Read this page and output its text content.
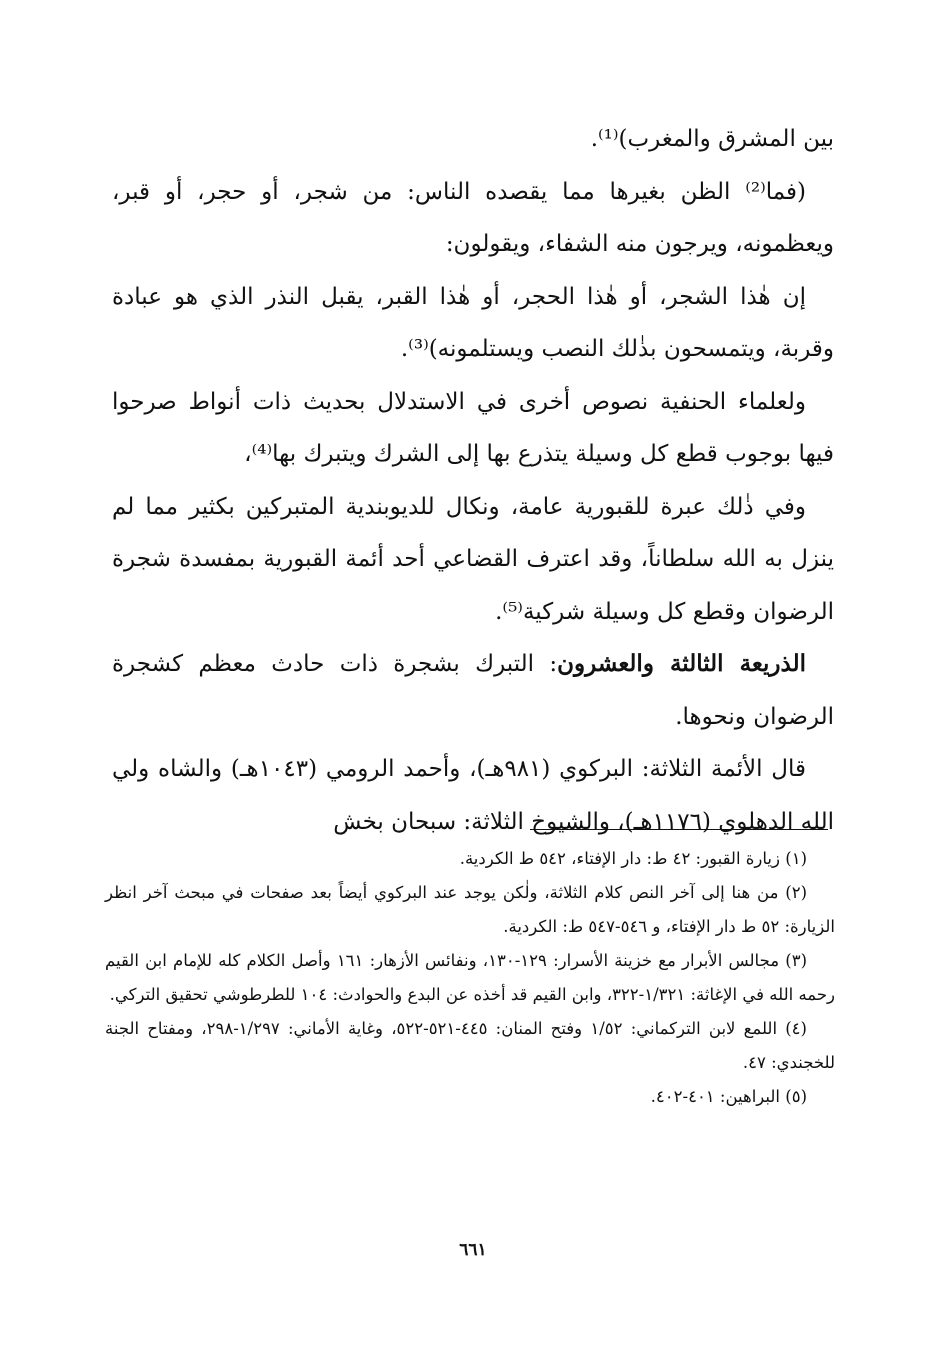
بين المشرق والمغرب)⁽¹⁾.

(فما⁽²⁾ الظن بغيرها مما يقصده الناس: من شجر، أو حجر، أو قبر، ويعظمونه، ويرجون منه الشفاء، ويقولون:

إن هٰذا الشجر، أو هٰذا الحجر، أو هٰذا القبر، يقبل النذر الذي هو عبادة وقربة، ويتمسحون بذٰلك النصب ويستلمونه)⁽³⁾.

ولعلماء الحنفية نصوص أخرى في الاستدلال بحديث ذات أنواط صرحوا فيها بوجوب قطع كل وسيلة يتذرع بها إلى الشرك ويتبرك بها⁽⁴⁾،

وفي ذٰلك عبرة للقبورية عامة، ونكال للديوبندية المتبركين بكثير مما لم ينزل به الله سلطاناً، وقد اعترف القضاعي أحد أئمة القبورية بمفسدة شجرة الرضوان وقطع كل وسيلة شركية⁽⁵⁾.

الذريعة الثالثة والعشرون: التبرك بشجرة ذات حادث معظم كشجرة الرضوان ونحوها.

قال الأئمة الثلاثة: البركوي (٩٨١هـ)، وأحمد الرومي (١٠٤٣هـ) والشاه ولي الله الدهلوي (١١٧٦هـ)، والشيوخ الثلاثة: سبحان بخش

(١) زيارة القبور: ٤٢ ط: دار الإفتاء، ٥٤٢ ط الكردية.

(٢) من هنا إلى آخر النص كلام الثلاثة، ولٰكن يوجد عند البركوي أيضاً بعد صفحات في مبحث آخر انظر الزيارة: ٥٢ ط دار الإفتاء، و ٥٤٦-٥٤٧ ط: الكردية.

(٣) مجالس الأبرار مع خزينة الأسرار: ١٢٩-١٣٠، ونفائس الأزهار: ١٦١ وأصل الكلام كله للإمام ابن القيم رحمه الله في الإغاثة: ١/٣٢١-٣٢٢، وابن القيم قد أخذه عن البدع والحوادث: ١٠٤ للطرطوشي تحقيق التركي.

(٤) اللمع لابن التركماني: ١/٥٢ وفتح المنان: ٤٤٥-٥٢١-٥٢٢، وغاية الأماني: ١/٢٩٧-٢٩٨، ومفتاح الجنة للخجندي: ٤٧.

(٥) البراهين: ٤٠١-٤٠٢.

٦٦١
